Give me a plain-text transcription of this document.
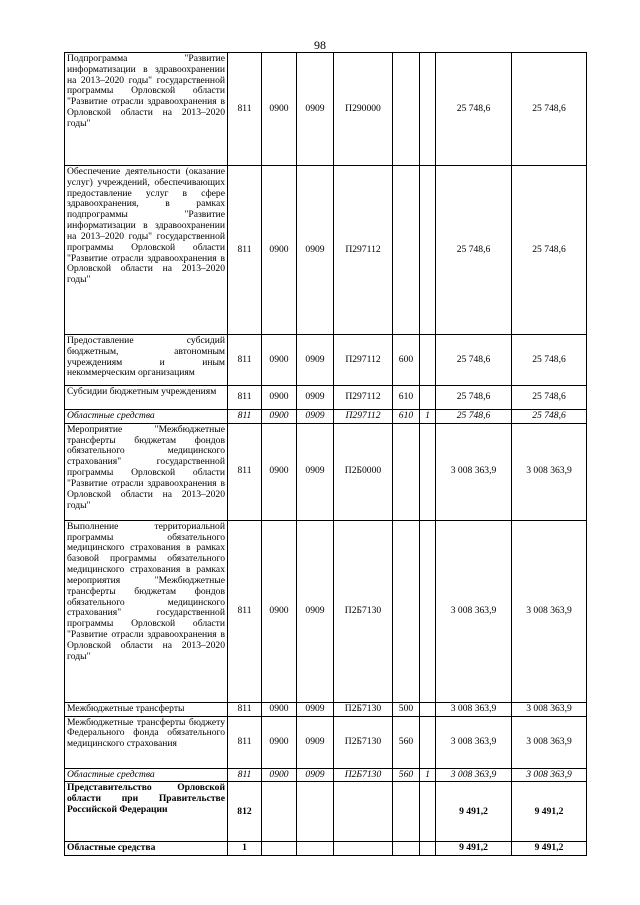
98
Подпрограмма "Развитие информатизации в здравоохранении на 2013–2020 годы" государственной программы Орловской области "Развитие отрасли здравоохранения в Орловской области на 2013–2020 годы"	811	0900	0909	П290000			25 748,6	25 748,6
Обеспечение деятельности (оказание услуг) учреждений, обеспечивающих предоставление услуг в сфере здравоохранения, в рамках подпрограммы "Развитие информатизации в здравоохранении на 2013–2020 годы" государственной программы Орловской области "Развитие отрасли здравоохранения в Орловской области на 2013–2020 годы"	811	0900	0909	П297112			25 748,6	25 748,6
Предоставление субсидий бюджетным, автономным учреждениям и иным некоммерческим организациям	811	0900	0909	П297112	600		25 748,6	25 748,6
Субсидии бюджетным учреждениям	811	0900	0909	П297112	610		25 748,6	25 748,6
Областные средства	811	0900	0909	П297112	610	1	25 748,6	25 748,6
Мероприятие "Межбюджетные трансферты бюджетам фондов обязательного медицинского страхования" государственной программы Орловской области "Развитие отрасли здравоохранения в Орловской области на 2013–2020 годы"	811	0900	0909	П2Б0000			3 008 363,9	3 008 363,9
Выполнение территориальной программы обязательного медицинского страхования в рамках базовой программы обязательного медицинского страхования в рамках мероприятия "Межбюджетные трансферты бюджетам фондов обязательного медицинского страхования" государственной программы Орловской области "Развитие отрасли здравоохранения в Орловской области на 2013–2020 годы"	811	0900	0909	П2Б7130			3 008 363,9	3 008 363,9
Межбюджетные трансферты	811	0900	0909	П2Б7130	500		3 008 363,9	3 008 363,9
Межбюджетные трансферты бюджету Федерального фонда обязательного медицинского страхования	811	0900	0909	П2Б7130	560		3 008 363,9	3 008 363,9
Областные средства	811	0900	0909	П2Б7130	560	1	3 008 363,9	3 008 363,9
Представительство Орловской области при Правительстве Российской Федерации	812						9 491,2	9 491,2
Областные средства	1						9 491,2	9 491,2
